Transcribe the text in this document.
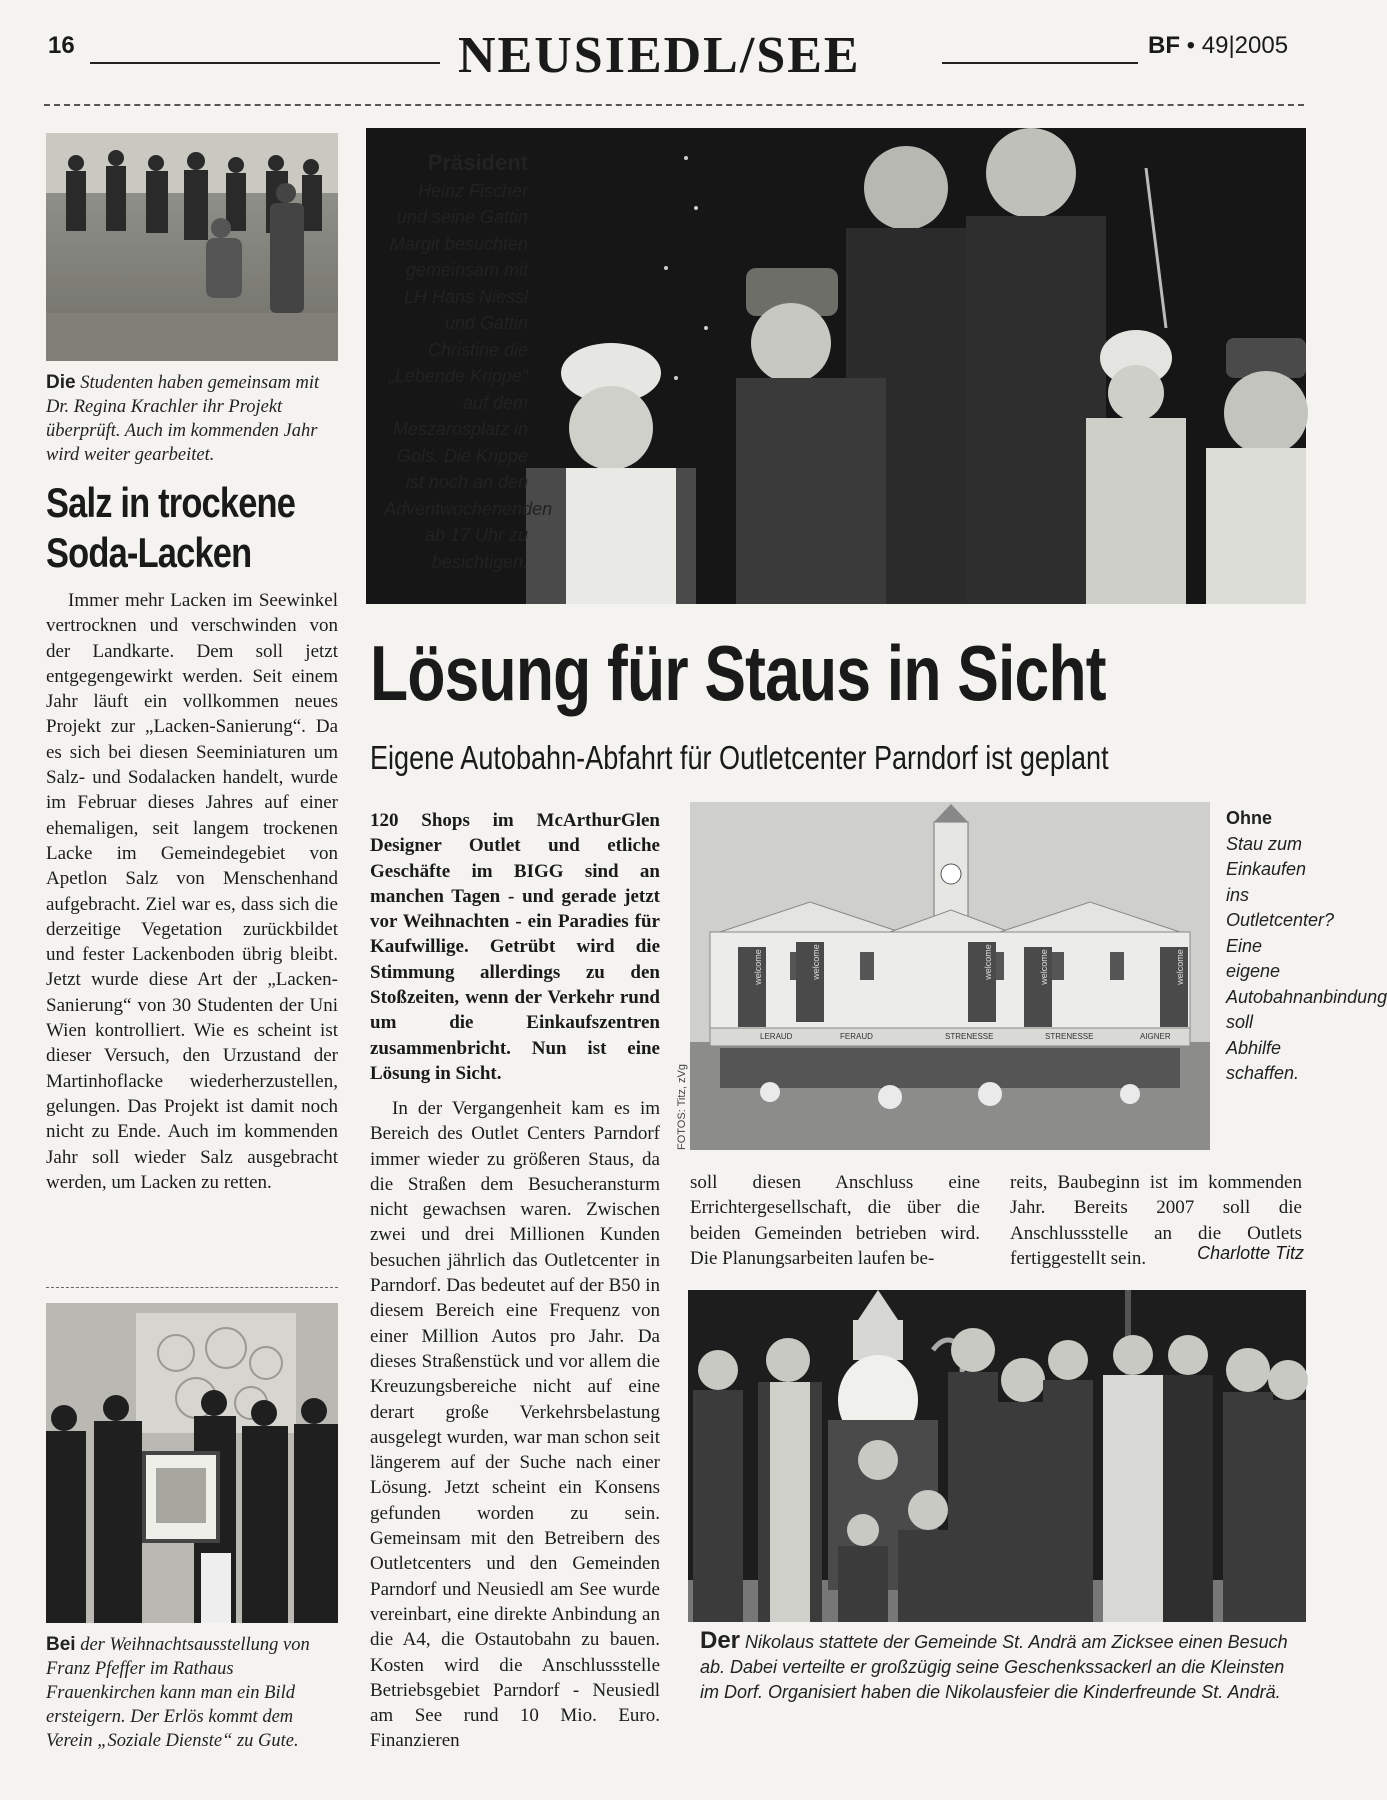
16	NEUSIEDL/SEE	BF • 49|2005
Die Studenten haben gemeinsam mit Dr. Regina Krachler ihr Projekt überprüft. Auch im kommenden Jahr wird weiter gearbeitet.
Salz in trockene Soda-Lacken

Immer mehr Lacken im Seewinkel vertrocknen und verschwinden von der Landkarte. Dem soll jetzt entgegengewirkt werden. Seit einem Jahr läuft ein vollkommen neues Projekt zur „Lacken-Sanierung“. Da es sich bei diesen Seeminiaturen um Salz- und Sodalacken handelt, wurde im Februar dieses Jahres auf einer ehemaligen, seit langem trockenen Lacke im Gemeindegebiet von Apetlon Salz von Menschenhand aufgebracht. Ziel war es, dass sich die derzeitige Vegetation zurückbildet und fester Lackenboden übrig bleibt. Jetzt wurde diese Art der „Lacken-Sanierung“ von 30 Studenten der Uni Wien kontrolliert. Wie es scheint ist dieser Versuch, den Urzustand der Martinhoflacke wiederherzustellen, gelungen. Das Projekt ist damit noch nicht zu Ende. Auch im kommenden Jahr soll wieder Salz ausgebracht werden, um Lacken zu retten.

Bei der Weihnachtsausstellung von Franz Pfeffer im Rathaus Frauenkirchen kann man ein Bild ersteigern. Der Erlös kommt dem Verein „Soziale Dienste“ zu Gute.
Präsident
Heinz Fischer und seine Gattin Margit besuchten gemeinsam mit LH Hans Niessl und Gattin Christine die „Lebende Krippe“ auf dem Meszarosplatz in Gols. Die Krippe ist noch an den Adventwochenenden ab 17 Uhr zu besichtigen.
Lösung für Staus in Sicht
Eigene Autobahn-Abfahrt für Outletcenter Parndorf ist geplant
120 Shops im McArthurGlen Designer Outlet und etliche Geschäfte im BIGG sind an manchen Tagen - und gerade jetzt vor Weihnachten - ein Paradies für Kaufwillige. Getrübt wird die Stimmung allerdings zu den Stoßzeiten, wenn der Verkehr rund um die Einkaufszentren zusammenbricht. Nun ist eine Lösung in Sicht.

In der Vergangenheit kam es im Bereich des Outlet Centers Parndorf immer wieder zu größeren Staus, da die Straßen dem Besucheransturm nicht gewachsen waren. Zwischen zwei und drei Millionen Kunden besuchen jährlich das Outletcenter in Parndorf. Das bedeutet auf der B50 in diesem Bereich eine Frequenz von einer Million Autos pro Jahr. Da dieses Straßenstück und vor allem die Kreuzungsbereiche nicht auf eine derart große Verkehrsbelastung ausgelegt wurden, war man schon seit längerem auf der Suche nach einer Lösung. Jetzt scheint ein Konsens gefunden worden zu sein. Gemeinsam mit den Betreibern des Outletcenters und den Gemeinden Parndorf und Neusiedl am See wurde vereinbart, eine direkte Anbindung an die A4, die Ostautobahn zu bauen. Kosten wird die Anschlussstelle Betriebsgebiet Parndorf - Neusiedl am See rund 10 Mio. Euro. Finanzieren

welcome	welcome	welcome	welcome	welcome
LERAUD	FERAUD	STRENESSE	STRENESSE	AIGNER
FOTOS: Titz, zVg
Ohne
Stau zum Einkaufen ins Outletcenter? Eine eigene Autobahnanbindung soll Abhilfe schaffen.

soll diesen Anschluss eine Errichtergesellschaft, die über die beiden Gemeinden betrieben wird. Die Planungsarbeiten laufen be-

reits, Baubeginn ist im kommenden Jahr. Bereits 2007 soll die Anschlussstelle an die Outlets fertiggestellt sein.	Charlotte Titz
Der Nikolaus stattete der Gemeinde St. Andrä am Zicksee einen Besuch ab. Dabei verteilte er großzügig seine Geschenkssackerl an die Kleinsten im Dorf. Organisiert haben die Nikolausfeier die Kinderfreunde St. Andrä.
